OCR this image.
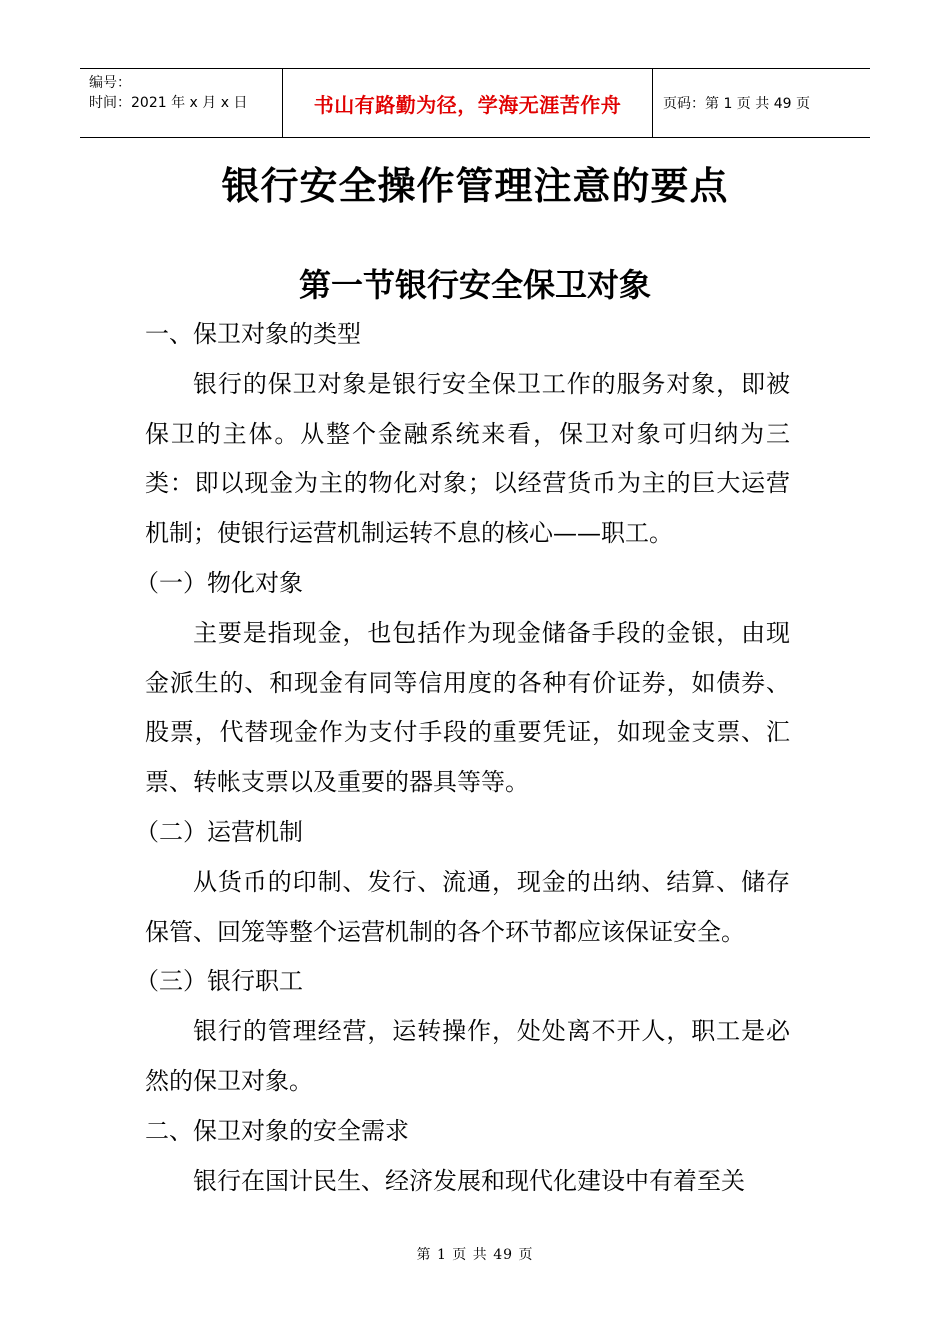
编号：
时间：2021 年 x 月 x 日	书山有路勤为径，学海无涯苦作舟	页码：第 1 页 共 49 页
银行安全操作管理注意的要点
第一节银行安全保卫对象

一、保卫对象的类型

银行的保卫对象是银行安全保卫工作的服务对象，即被保卫的主体。从整个金融系统来看，保卫对象可归纳为三类：即以现金为主的物化对象；以经营货币为主的巨大运营机制；使银行运营机制运转不息的核心——职工。

（一）物化对象

主要是指现金，也包括作为现金储备手段的金银，由现金派生的、和现金有同等信用度的各种有价证券，如债券、股票，代替现金作为支付手段的重要凭证，如现金支票、汇票、转帐支票以及重要的器具等等。

（二）运营机制

从货币的印制、发行、流通，现金的出纳、结算、储存保管、回笼等整个运营机制的各个环节都应该保证安全。

（三）银行职工

银行的管理经营，运转操作，处处离不开人，职工是必然的保卫对象。

二、保卫对象的安全需求

银行在国计民生、经济发展和现代化建设中有着至关

第 1 页 共 49 页
